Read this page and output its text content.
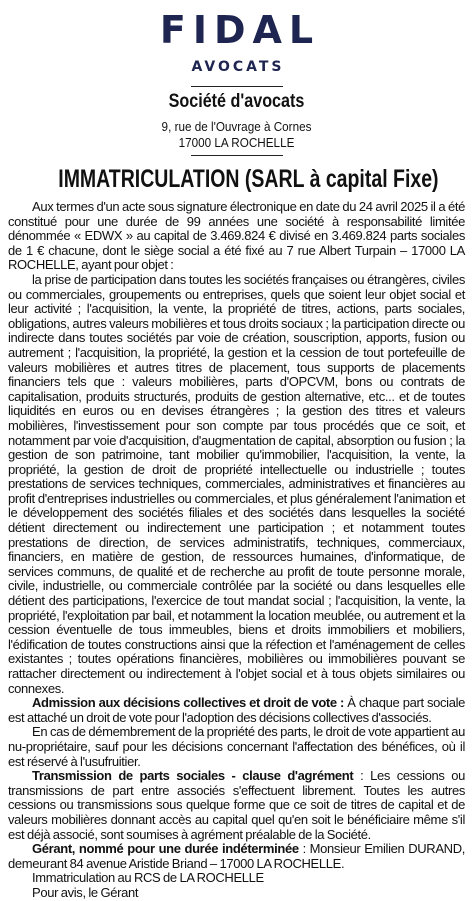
FIDAL
AVOCATS
Société d'avocats
9, rue de l'Ouvrage à Cornes
17000 LA ROCHELLE
IMMATRICULATION (SARL à capital Fixe)

Aux termes d'un acte sous signature électronique en date du 24 avril 2025 il a été constitué pour une durée de 99 années une société à responsabilité limitée dénommée « EDWX » au capital de 3.469.824 € divisé en 3.469.824 parts sociales de 1 € chacune, dont le siège social a été fixé au 7 rue Albert Turpain – 17000 LA ROCHELLE, ayant pour objet :

la prise de participation dans toutes les sociétés françaises ou étrangères, civiles ou commerciales, groupements ou entreprises, quels que soient leur objet social et leur activité ; l'acquisition, la vente, la propriété de titres, actions, parts sociales, obligations, autres valeurs mobilières et tous droits sociaux ; la participation directe ou indirecte dans toutes sociétés par voie de création, souscription, apports, fusion ou autrement ; l'acquisition, la propriété, la gestion et la cession de tout portefeuille de valeurs mobilières et autres titres de placement, tous supports de placements financiers tels que : valeurs mobilières, parts d'OPCVM, bons ou contrats de capitalisation, produits structurés, produits de gestion alternative, etc... et de toutes liquidités en euros ou en devises étrangères ; la gestion des titres et valeurs mobilières, l'investissement pour son compte par tous procédés que ce soit, et notamment par voie d'acquisition, d'augmentation de capital, absorption ou fusion ; la gestion de son patrimoine, tant mobilier qu'immobilier, l'acquisition, la vente, la propriété, la gestion de droit de propriété intellectuelle ou industrielle ; toutes prestations de services techniques, commerciales, administratives et financières au profit d'entreprises industrielles ou commerciales, et plus généralement l'animation et le développement des sociétés filiales et des sociétés dans lesquelles la société détient directement ou indirectement une participation ; et notamment toutes prestations de direction, de services administratifs, techniques, commerciaux, financiers, en matière de gestion, de ressources humaines, d'informatique, de services communs, de qualité et de recherche au profit de toute personne morale, civile, industrielle, ou commerciale contrôlée par la société ou dans lesquelles elle détient des participations, l'exercice de tout mandat social ; l'acquisition, la vente, la propriété, l'exploitation par bail, et notamment la location meublée, ou autrement et la cession éventuelle de tous immeubles, biens et droits immobiliers et mobiliers, l'édification de toutes constructions ainsi que la réfection et l'aménagement de celles existantes ; toutes opérations financières, mobilières ou immobilières pouvant se rattacher directement ou indirectement à l'objet social et à tous objets similaires ou connexes.

Admission aux décisions collectives et droit de vote : À chaque part sociale est attaché un droit de vote pour l'adoption des décisions collectives d'associés.

En cas de démembrement de la propriété des parts, le droit de vote appartient au nu-propriétaire, sauf pour les décisions concernant l'affectation des bénéfices, où il est réservé à l'usufruitier.

Transmission de parts sociales - clause d'agrément : Les cessions ou transmissions de part entre associés s'effectuent librement. Toutes les autres cessions ou transmissions sous quelque forme que ce soit de titres de capital et de valeurs mobilières donnant accès au capital quel qu'en soit le bénéficiaire même s'il est déjà associé, sont soumises à agrément préalable de la Société.

Gérant, nommé pour une durée indéterminée : Monsieur Emilien DURAND, demeurant 84 avenue Aristide Briand – 17000 LA ROCHELLE.

Immatriculation au RCS de LA ROCHELLE

Pour avis, le Gérant
